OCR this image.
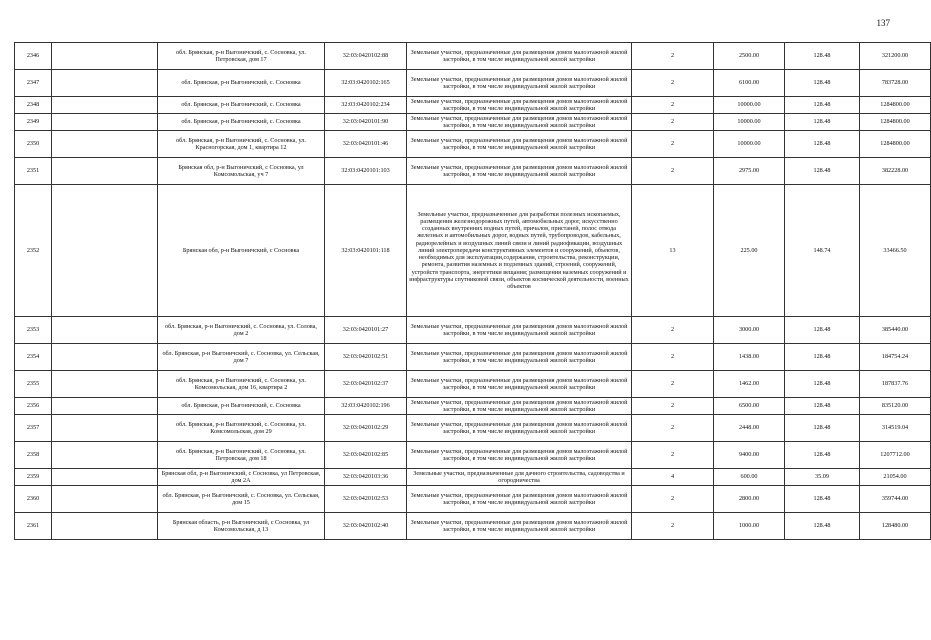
137
2346		обл. Брянская, р-н Выгоничский, с. Сосновка, ул. Петровская, дом 17	32:03:0420102:88	Земельные участки, предназначенные для размещения домов малоэтажной жилой застройки, в том числе индивидуальной жилой застройки	2	2500.00	128.48	321200.00
2347		обл. Брянская, р-н Выгоничский, с. Сосновка	32:03:0420102:165	Земельные участки, предназначенные для размещения домов малоэтажной жилой застройки, в том числе индивидуальной жилой застройки	2	6100.00	128.48	783728.00
2348		обл. Брянская, р-н Выгоничский, с. Сосновка	32:03:0420102:234	Земельные участки, предназначенные для размещения домов малоэтажной жилой застройки, в том числе индивидуальной жилой застройки	2	10000.00	128.48	1284800.00
2349		обл. Брянская, р-н Выгоничский, с. Сосновка	32:03:0420101:90	Земельные участки, предназначенные для размещения домов малоэтажной жилой застройки, в том числе индивидуальной жилой застройки	2	10000.00	128.48	1284800.00
2350		обл. Брянская, р-н Выгоничский, с. Сосновка, ул. Красногорская, дом 1, квартира 12	32:03:0420101:46	Земельные участки, предназначенные для размещения домов малоэтажной жилой застройки, в том числе индивидуальной жилой застройки	2	10000.00	128.48	1284800.00
2351		Брянская обл, р-н Выгоничский, с Сосновка, ул Комсомольская, уч 7	32:03:0420101:103	Земельные участки, предназначенные для размещения домов малоэтажной жилой застройки, в том числе индивидуальной жилой застройки	2	2975.00	128.48	382228.00
2352		Брянская обл, р-н Выгоничский, с Сосновка	32:03:0420101:118	Земельные участки, предназначенные для разработки полезных ископаемых, размещения железнодорожных путей, автомобильных дорог, искусственно созданных внутренних водных путей, причалов, пристаней, полос отвода железных и автомобильных дорог, водных путей, трубопроводов, кабельных, радиорелейных и воздушных линий связи и линий радиофикации, воздушных линий электропередачи конструктивных элементов и сооружений, объектов, необходимых для эксплуатации,содержания, строительства, реконструкции, ремонта, развития наземных и подземных зданий, строений, сооружений, устройств транспорта, энергетики вещания; размещения наземных сооружений и инфраструктуры спутниковой связи, объектов космической деятельности, военных объектов	13	225.00	148.74	33466.50
2353		обл. Брянская, р-н Выгоничский, с. Сосновка, ул. Солова, дом 2	32:03:0420101:27	Земельные участки, предназначенные для размещения домов малоэтажной жилой застройки, в том числе индивидуальной жилой застройки	2	3000.00	128.48	385440.00
2354		обл. Брянская, р-н Выгоничский, с. Сосновка, ул. Сельская, дом 7	32:03:0420102:51	Земельные участки, предназначенные для размещения домов малоэтажной жилой застройки, в том числе индивидуальной жилой застройки	2	1438.00	128.48	184754.24
2355		обл. Брянская, р-н Выгоничский, с. Сосновка, ул. Комсомольская, дом 16, квартира 2	32:03:0420102:37	Земельные участки, предназначенные для размещения домов малоэтажной жилой застройки, в том числе индивидуальной жилой застройки	2	1462.00	128.48	187837.76
2356		обл. Брянская, р-н Выгоничский, с. Сосновка	32:03:0420102:196	Земельные участки, предназначенные для размещения домов малоэтажной жилой застройки, в том числе индивидуальной жилой застройки	2	6500.00	128.48	835120.00
2357		обл. Брянская, р-н Выгоничский, с. Сосновка, ул. Комсомольская, дом 29	32:03:0420102:29	Земельные участки, предназначенные для размещения домов малоэтажной жилой застройки, в том числе индивидуальной жилой застройки	2	2448.00	128.48	314519.04
2358		обл. Брянская, р-н Выгоничский, с. Сосновка, ул. Петровская, дом 18	32:03:0420102:85	Земельные участки, предназначенные для размещения домов малоэтажной жилой застройки, в том числе индивидуальной жилой застройки	2	9400.00	128.48	1207712.00
2359		Брянская обл, р-н Выгоничский, с Сосновка, ул Петровская, дом 2А	32:03:0420103:36	Земельные участки, предназначенные для дачного строительства, садоводства и огородничества	4	600.00	35.09	21054.00
2360		обл. Брянская, р-н Выгоничский, с. Сосновка, ул. Сельская, дом 15	32:03:0420102:53	Земельные участки, предназначенные для размещения домов малоэтажной жилой застройки, в том числе индивидуальной жилой застройки	2	2800.00	128.48	359744.00
2361		Брянская область, р-н Выгоничский, с Сосновка, ул Комсомольская, д 13	32:03:0420102:40	Земельные участки, предназначенные для размещения домов малоэтажной жилой застройки, в том числе индивидуальной жилой застройки	2	1000.00	128.48	128480.00
